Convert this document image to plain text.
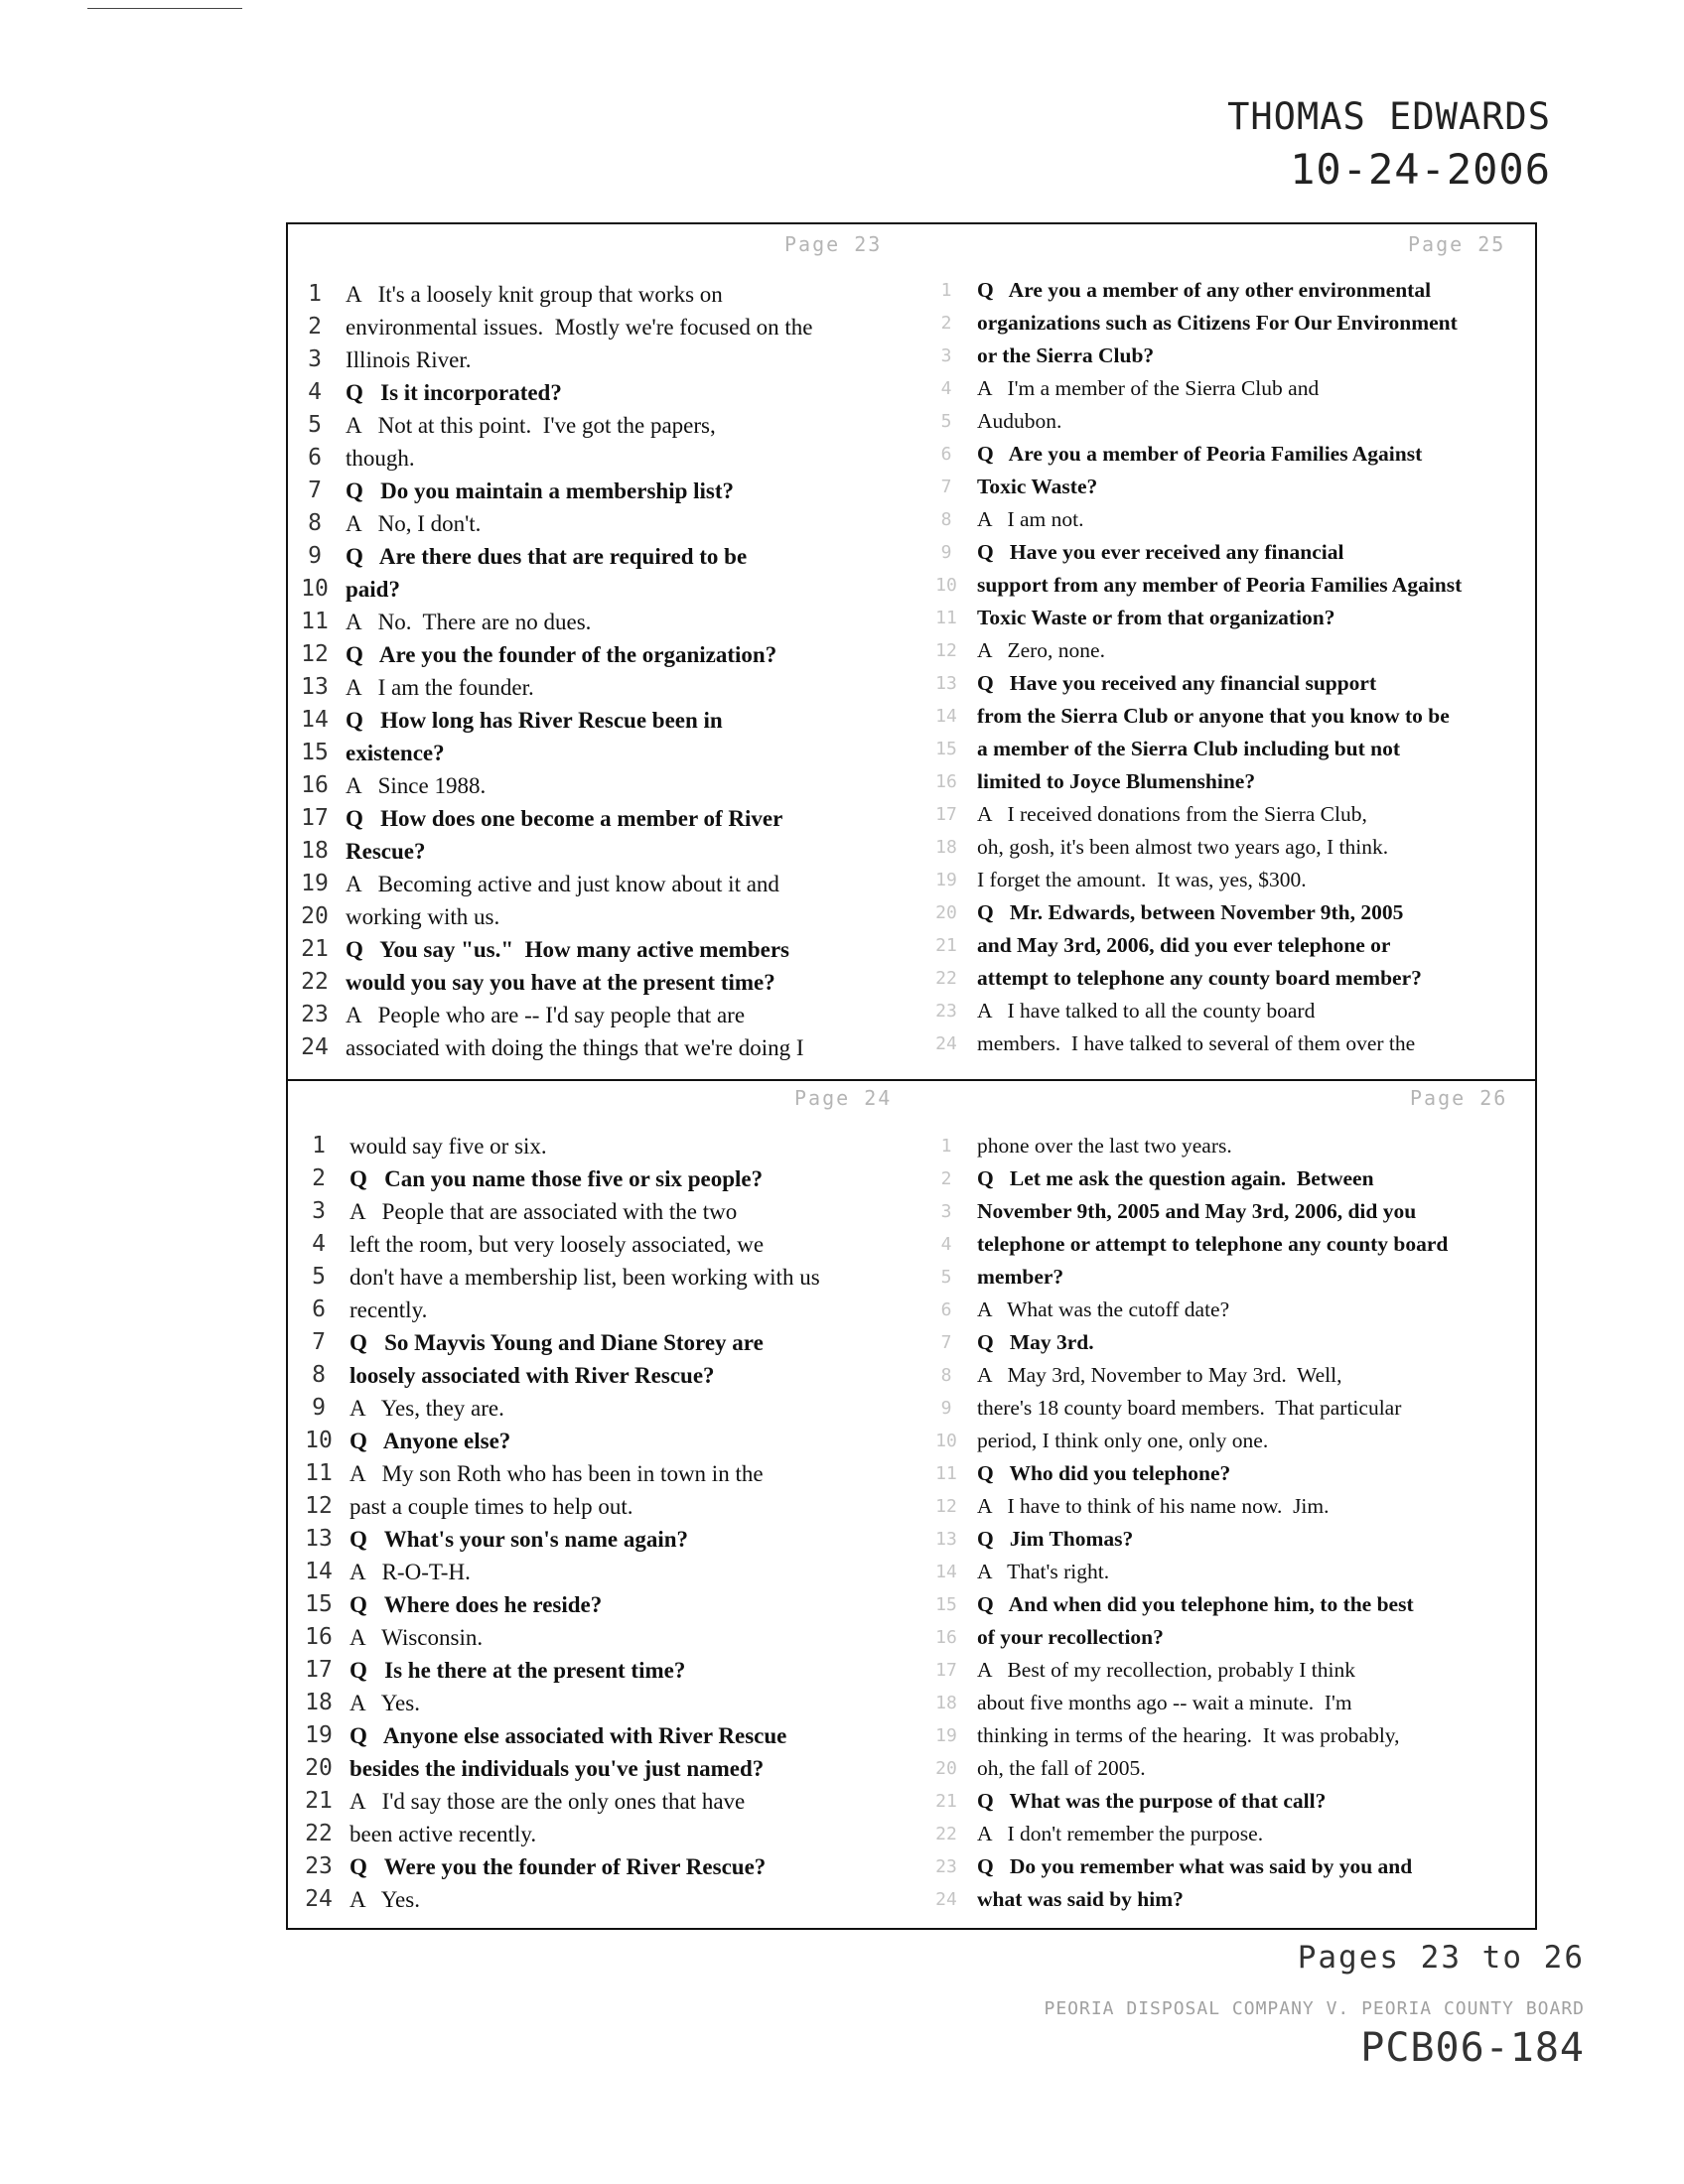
THOMAS EDWARDS
10-24-2006
Page 23	Page 25
Page 24	Page 26
1	A   It's a loosely knit group that works on
2	environmental issues.  Mostly we're focused on the
3	Illinois River.
4	Q   Is it incorporated?
5	A   Not at this point.  I've got the papers,
6	though.
7	Q   Do you maintain a membership list?
8	A   No, I don't.
9	Q   Are there dues that are required to be
10 paid?
11 A   No.  There are no dues.
12 Q   Are you the founder of the organization?
13 A   I am the founder.
14 Q   How long has River Rescue been in
15 existence?
16 A   Since 1988.
17 Q   How does one become a member of River
18 Rescue?
19 A   Becoming active and just know about it and
20 working with us.
21 Q   You say "us."  How many active members
22 would you say you have at the present time?
23 A   People who are -- I'd say people that are
24 associated with doing the things that we're doing I
1	Q   Are you a member of any other environmental
2	organizations such as Citizens For Our Environment
3	or the Sierra Club?
4	A   I'm a member of the Sierra Club and
5	Audubon.
6	Q   Are you a member of Peoria Families Against
7	Toxic Waste?
8	A   I am not.
9	Q   Have you ever received any financial
10 support from any member of Peoria Families Against
11 Toxic Waste or from that organization?
12 A   Zero, none.
13 Q   Have you received any financial support
14 from the Sierra Club or anyone that you know to be
15 a member of the Sierra Club including but not
16 limited to Joyce Blumenshine?
17 A   I received donations from the Sierra Club,
18 oh, gosh, it's been almost two years ago, I think.
19 I forget the amount.  It was, yes, $300.
20 Q   Mr. Edwards, between November 9th, 2005
21 and May 3rd, 2006, did you ever telephone or
22 attempt to telephone any county board member?
23 A   I have talked to all the county board
24 members.  I have talked to several of them over the
1	would say five or six.
2	Q   Can you name those five or six people?
3	A   People that are associated with the two
4	left the room, but very loosely associated, we
5	don't have a membership list, been working with us
6	recently.
7	Q   So Mayvis Young and Diane Storey are
8	loosely associated with River Rescue?
9	A   Yes, they are.
10 Q   Anyone else?
11 A   My son Roth who has been in town in the
12 past a couple times to help out.
13 Q   What's your son's name again?
14 A   R-O-T-H.
15 Q   Where does he reside?
16 A   Wisconsin.
17 Q   Is he there at the present time?
18 A   Yes.
19 Q   Anyone else associated with River Rescue
20 besides the individuals you've just named?
21 A   I'd say those are the only ones that have
22 been active recently.
23 Q   Were you the founder of River Rescue?
24 A   Yes.
1	phone over the last two years.
2	Q   Let me ask the question again.  Between
3	November 9th, 2005 and May 3rd, 2006, did you
4	telephone or attempt to telephone any county board
5	member?
6	A   What was the cutoff date?
7	Q   May 3rd.
8	A   May 3rd, November to May 3rd.  Well,
9	there's 18 county board members.  That particular
10 period, I think only one, only one.
11 Q   Who did you telephone?
12 A   I have to think of his name now.  Jim.
13 Q   Jim Thomas?
14 A   That's right.
15 Q   And when did you telephone him, to the best
16 of your recollection?
17 A   Best of my recollection, probably I think
18 about five months ago -- wait a minute.  I'm
19 thinking in terms of the hearing.  It was probably,
20 oh, the fall of 2005.
21 Q   What was the purpose of that call?
22 A   I don't remember the purpose.
23 Q   Do you remember what was said by you and
24 what was said by him?
Pages 23 to 26
PEORIA DISPOSAL COMPANY V. PEORIA COUNTY BOARD
PCB06-184
